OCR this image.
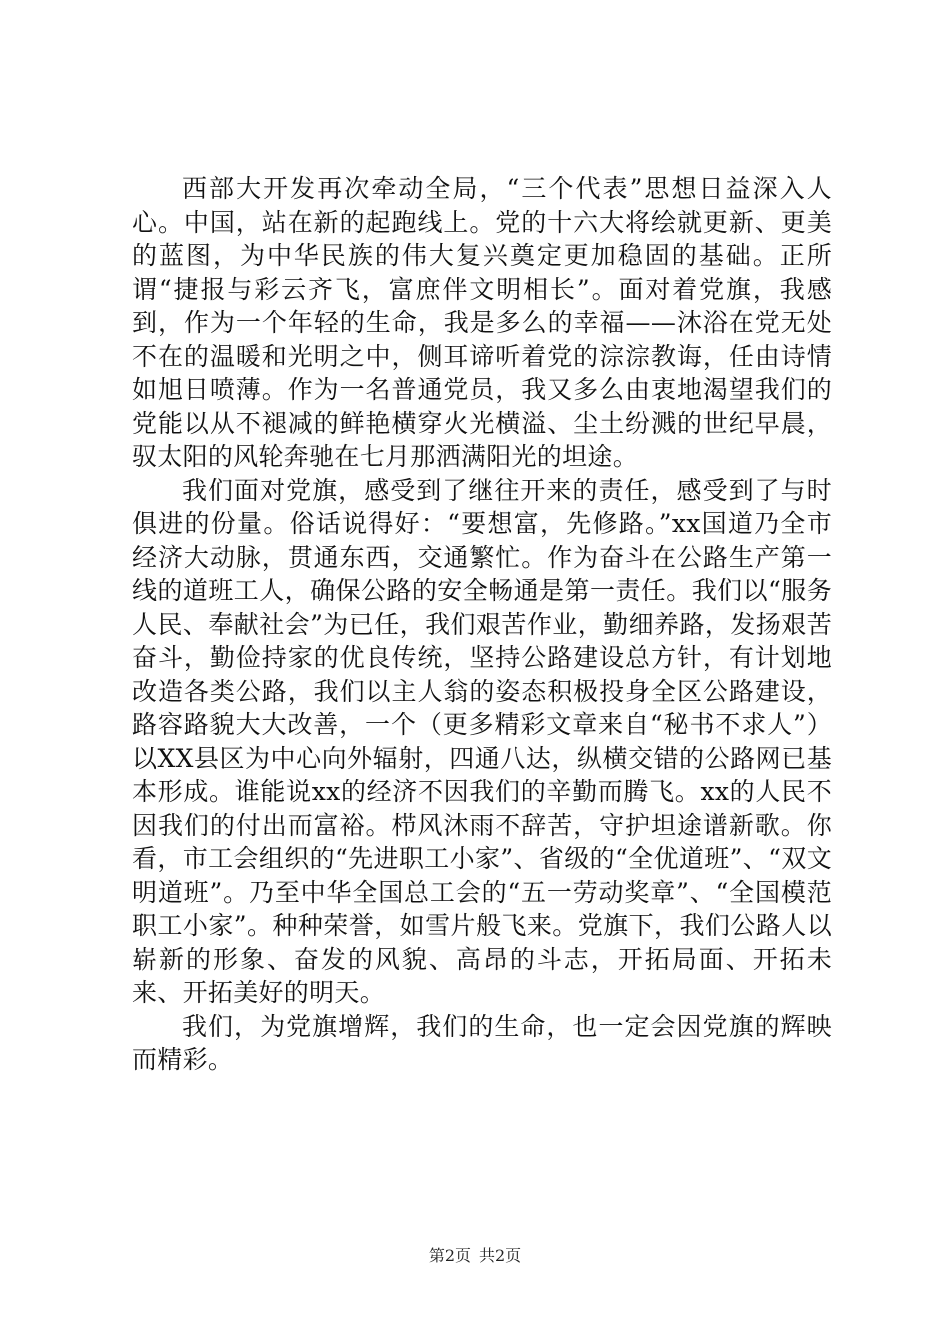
西部大开发再次牵动全局，“三个代表”思想日益深入人心。中国，站在新的起跑线上。党的十六大将绘就更新、更美的蓝图，为中华民族的伟大复兴奠定更加稳固的基础。正所谓“捷报与彩云齐飞，富庶伴文明相长”。面对着党旗，我感到，作为一个年轻的生命，我是多么的幸福——沐浴在党无处不在的温暖和光明之中，侧耳谛听着党的淙淙教诲，任由诗情如旭日喷薄。作为一名普通党员，我又多么由衷地渴望我们的党能以从不褪减的鲜艳横穿火光横溢、尘土纷溅的世纪早晨，驭太阳的风轮奔驰在七月那洒满阳光的坦途。

我们面对党旗，感受到了继往开来的责任，感受到了与时俱进的份量。俗话说得好：“要想富，先修路。”xx国道乃全市经济大动脉，贯通东西，交通繁忙。作为奋斗在公路生产第一线的道班工人，确保公路的安全畅通是第一责任。我们以“服务人民、奉献社会”为已任，我们艰苦作业，勤细养路，发扬艰苦奋斗，勤俭持家的优良传统，坚持公路建设总方针，有计划地改造各类公路，我们以主人翁的姿态积极投身全区公路建设，路容路貌大大改善，一个（更多精彩文章来自“秘书不求人”）以XX县区为中心向外辐射，四通八达，纵横交错的公路网已基本形成。谁能说xx的经济不因我们的辛勤而腾飞。xx的人民不因我们的付出而富裕。栉风沐雨不辞苦，守护坦途谱新歌。你看，市工会组织的“先进职工小家”、省级的“全优道班”、“双文明道班”。乃至中华全国总工会的“五一劳动奖章”、“全国模范职工小家”。种种荣誉，如雪片般飞来。党旗下，我们公路人以崭新的形象、奋发的风貌、高昂的斗志，开拓局面、开拓未来、开拓美好的明天。

我们，为党旗增辉，我们的生命，也一定会因党旗的辉映而精彩。

第2页 共2页
